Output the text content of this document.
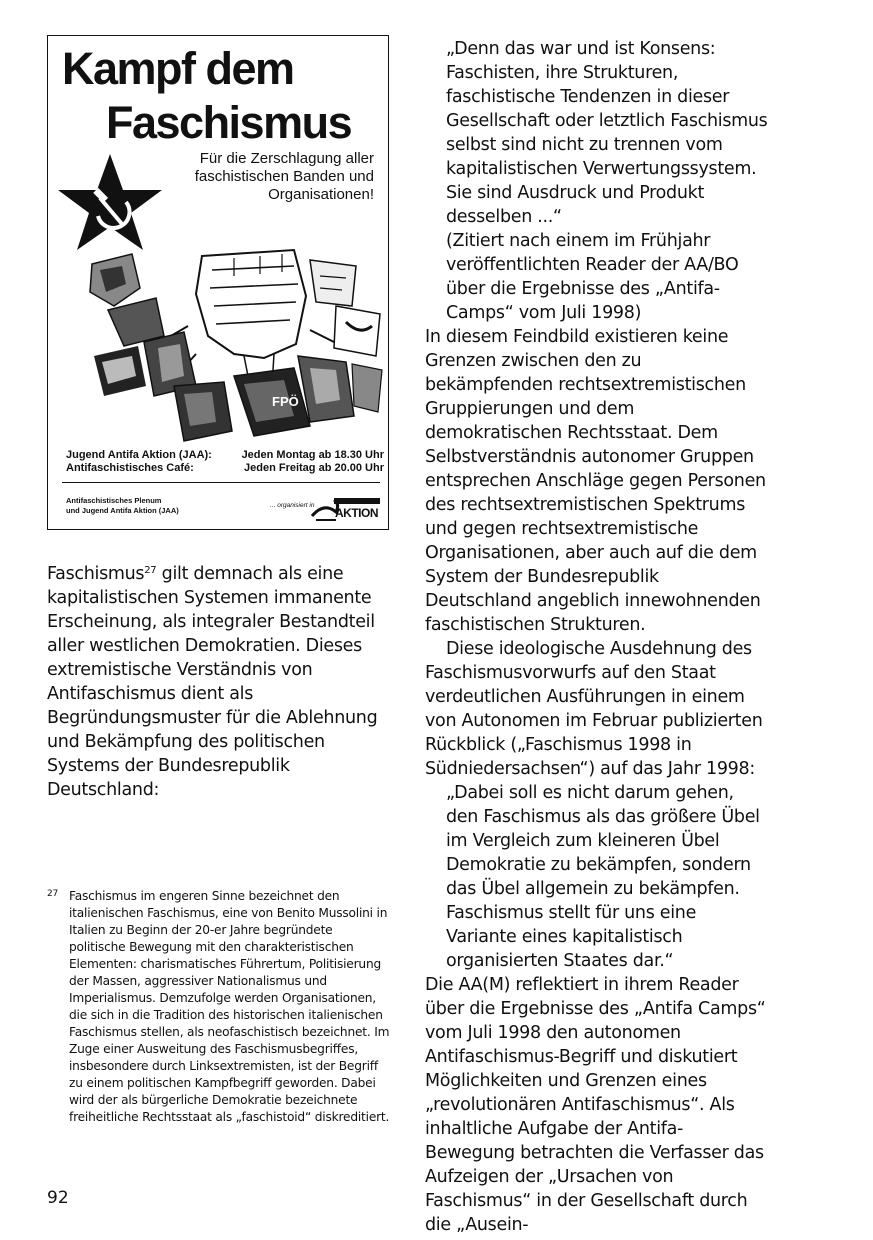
Kampf dem
Faschismus
Für die Zerschlagung aller faschistischen Banden und Organisationen!
FPÖ
Jugend Antifa Aktion (JAA):	Jeden Montag ab 18.30 Uhr
Antifaschistisches Café:	Jeden Freitag ab 20.00 Uhr
Antifaschistisches Plenum
und Jugend Antifa Aktion (JAA)
... organisiert in
AKTION

Faschismus$^{27}$ gilt demnach als eine kapitalistischen Systemen immanente Erscheinung, als integraler Bestandteil aller westlichen Demokratien. Dieses extremistische Verständnis von Antifaschismus dient als Begründungsmuster für die Ablehnung und Bekämpfung des politischen Systems der Bundesrepublik Deutschland:

27 Faschismus im engeren Sinne bezeichnet den italienischen Faschismus, eine von Benito Mussolini in Italien zu Beginn der 20-er Jahre begründete politische Bewegung mit den charakteristischen Elementen: charismatisches Führertum, Politisierung der Massen, aggressiver Nationalismus und Imperialismus. Demzufolge werden Organisationen, die sich in die Tradition des historischen italienischen Faschismus stellen, als neofaschistisch bezeichnet. Im Zuge einer Ausweitung des Faschismusbegriffes, insbesondere durch Linksextremisten, ist der Begriff zu einem politischen Kampfbegriff geworden. Dabei wird der als bürgerliche Demokratie bezeichnete freiheitliche Rechtsstaat als „faschistoid“ diskreditiert.

„Denn das war und ist Konsens: Faschisten, ihre Strukturen, faschistische Tendenzen in dieser Gesellschaft oder letztlich Faschismus selbst sind nicht zu trennen vom kapitalistischen Verwertungssystem. Sie sind Ausdruck und Produkt desselben ...“

(Zitiert nach einem im Frühjahr veröffentlichten Reader der AA/BO über die Ergebnisse des „Antifa-Camps“ vom Juli 1998)

In diesem Feindbild existieren keine Grenzen zwischen den zu bekämpfenden rechtsextremistischen Gruppierungen und dem demokratischen Rechtsstaat. Dem Selbstverständnis autonomer Gruppen entsprechen Anschläge gegen Personen des rechtsextremistischen Spektrums und gegen rechtsextremistische Organisationen, aber auch auf die dem System der Bundesrepublik Deutschland angeblich innewohnenden faschistischen Strukturen.

Diese ideologische Ausdehnung des Faschismusvorwurfs auf den Staat verdeutlichen Ausführungen in einem von Autonomen im Februar publizierten Rückblick („Faschismus 1998 in Südniedersachsen“) auf das Jahr 1998:

„Dabei soll es nicht darum gehen, den Faschismus als das größere Übel im Vergleich zum kleineren Übel Demokratie zu bekämpfen, sondern das Übel allgemein zu bekämpfen. Faschismus stellt für uns eine Variante eines kapitalistisch organisierten Staates dar.“

Die AA(M) reflektiert in ihrem Reader über die Ergebnisse des „Antifa Camps“ vom Juli 1998 den autonomen Antifaschismus-Begriff und diskutiert Möglichkeiten und Grenzen eines „revolutionären Antifaschismus“. Als inhaltliche Aufgabe der Antifa-Bewegung betrachten die Verfasser das Aufzeigen der „Ursachen von Faschismus“ in der Gesellschaft durch die „Ausein-

92
